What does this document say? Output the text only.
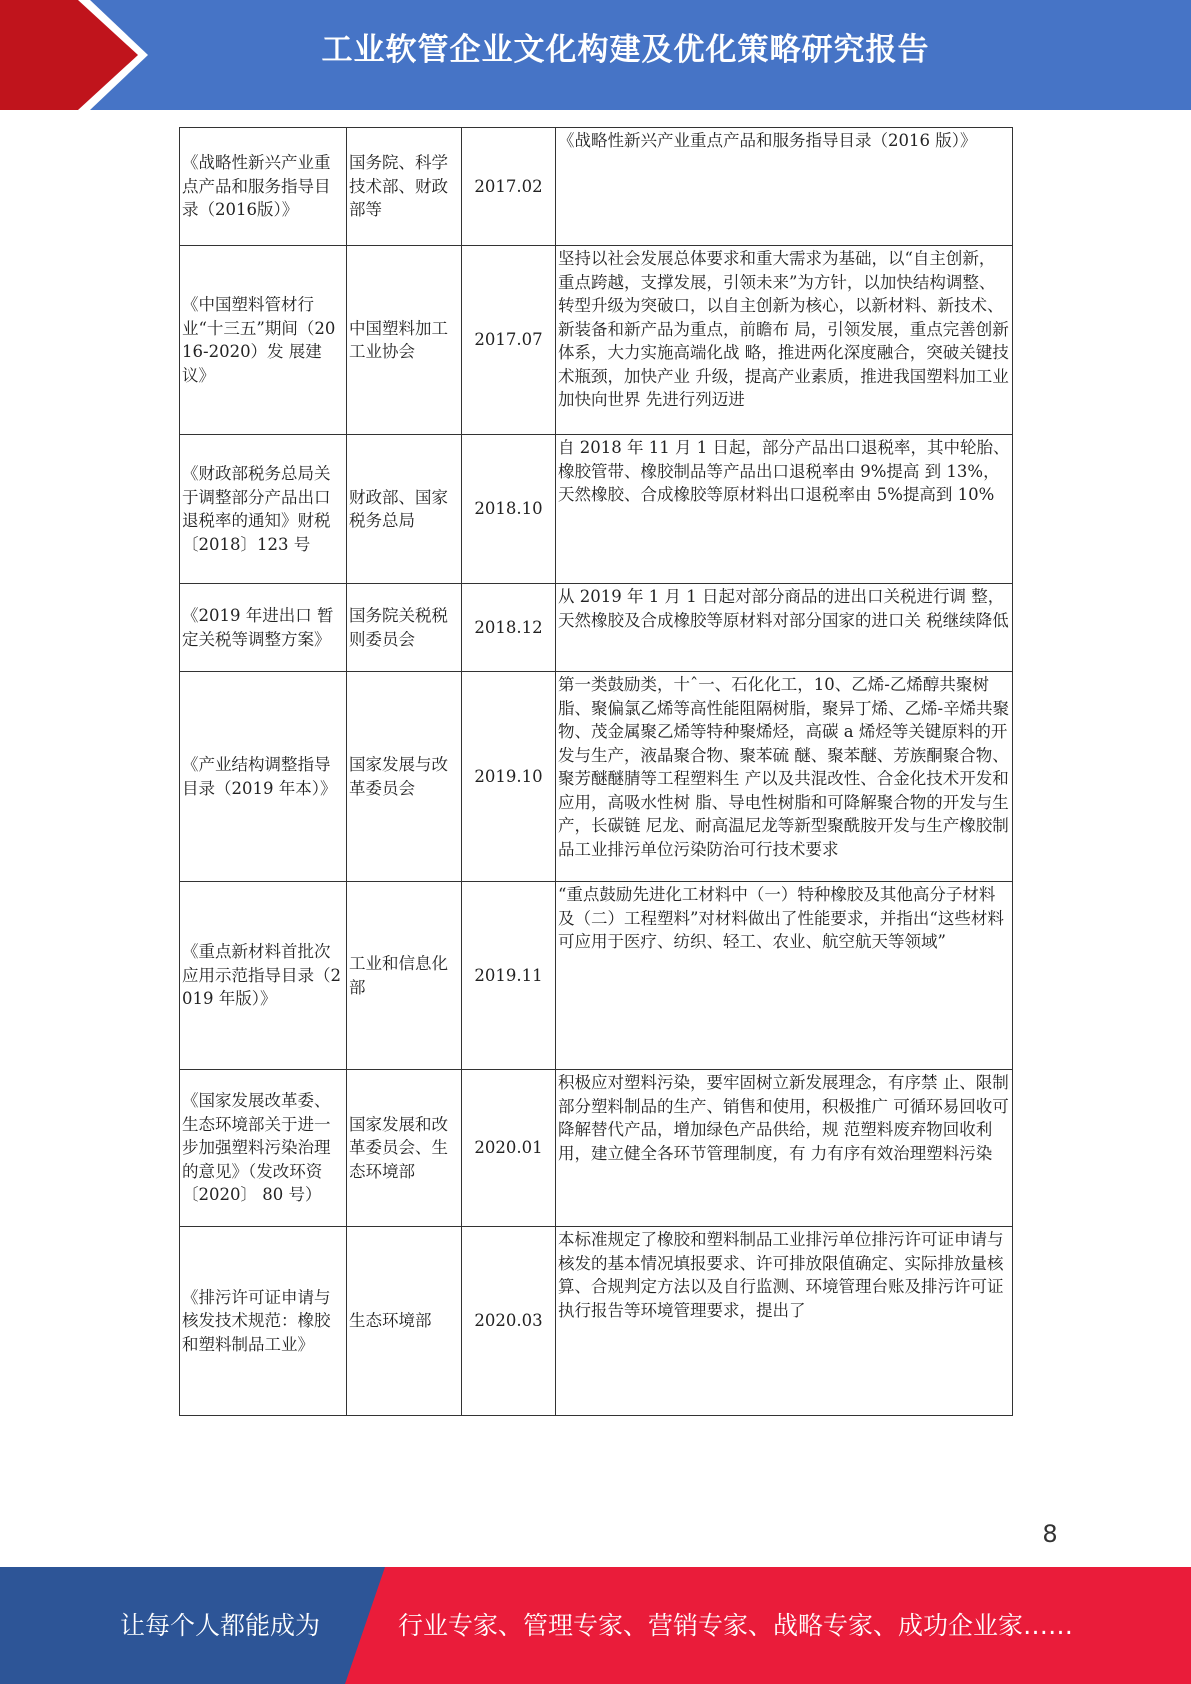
工业软管企业文化构建及优化策略研究报告
《战略性新兴产业重点产品和服务指导目录（2016版）》	国务院、科学技术部、财政部等	2017.02	《战略性新兴产业重点产品和服务指导目录（2016 版）》
《中国塑料管材行业“十三五”期间（2016-2020）发 展建议》	中国塑料加工工业协会	2017.07	坚持以社会发展总体要求和重大需求为基础，以“自主创新，重点跨越，支撑发展，引领未来”为方针，以加快结构调整、转型升级为突破口，以自主创新为核心，以新材料、新技术、新装备和新产品为重点，前瞻布 局，引领发展，重点完善创新体系，大力实施高端化战 略，推进两化深度融合，突破关键技术瓶颈，加快产业 升级，提高产业素质，推进我国塑料加工业加快向世界 先进行列迈进
《财政部税务总局关于调整部分产品出口退税率的通知》财税〔2018〕123 号	财政部、国家税务总局	2018.10	自 2018 年 11 月 1 日起，部分产品出口退税率，其中轮胎、橡胶管带、橡胶制品等产品出口退税率由 9%提高 到 13%，天然橡胶、合成橡胶等原材料出口退税率由 5%提高到 10%
《2019 年进出口 暂定关税等调整方案》	国务院关税税则委员会	2018.12	从 2019 年 1 月 1 日起对部分商品的进出口关税进行调 整，天然橡胶及合成橡胶等原材料对部分国家的进口关 税继续降低
《产业结构调整指导目录（2019 年本）》	国家发展与改革委员会	2019.10	第一类鼓励类，十ˆ一、石化化工，10、乙烯-乙烯醇共聚树脂、聚偏氯乙烯等高性能阻隔树脂，聚异丁烯、乙烯-辛烯共聚物、茂金属聚乙烯等特种聚烯烃，高碳 a 烯烃等关键原料的开发与生产，液晶聚合物、聚苯硫 醚、聚苯醚、芳族酮聚合物、聚芳醚醚腈等工程塑料生 产以及共混改性、合金化技术开发和应用，高吸水性树 脂、导电性树脂和可降解聚合物的开发与生产，长碳链 尼龙、耐高温尼龙等新型聚酰胺开发与生产橡胶制品工业排污单位污染防治可行技术要求
《重点新材料首批次应用示范指导目录（2019 年版）》	工业和信息化部	2019.11	“重点鼓励先进化工材料中（一）特种橡胶及其他高分子材料及（二）工程塑料”对材料做出了性能要求，并指出“这些材料可应用于医疗、纺织、轻工、农业、航空航天等领域”
《国家发展改革委、生态环境部关于进一步加强塑料污染治理的意见》（发改环资〔2020〕 80 号）	国家发展和改革委员会、生态环境部	2020.01	积极应对塑料污染，要牢固树立新发展理念，有序禁 止、限制部分塑料制品的生产、销售和使用，积极推广 可循环易回收可降解替代产品，增加绿色产品供给，规 范塑料废弃物回收利用，建立健全各环节管理制度，有 力有序有效治理塑料污染
《排污许可证申请与核发技术规范：橡胶和塑料制品工业》	生态环境部	2020.03	本标准规定了橡胶和塑料制品工业排污单位排污许可证申请与核发的基本情况填报要求、许可排放限值确定、实际排放量核算、合规判定方法以及自行监测、环境管理台账及排污许可证执行报告等环境管理要求，提出了
8
让每个人都能成为	行业专家、管理专家、营销专家、战略专家、成功企业家……
